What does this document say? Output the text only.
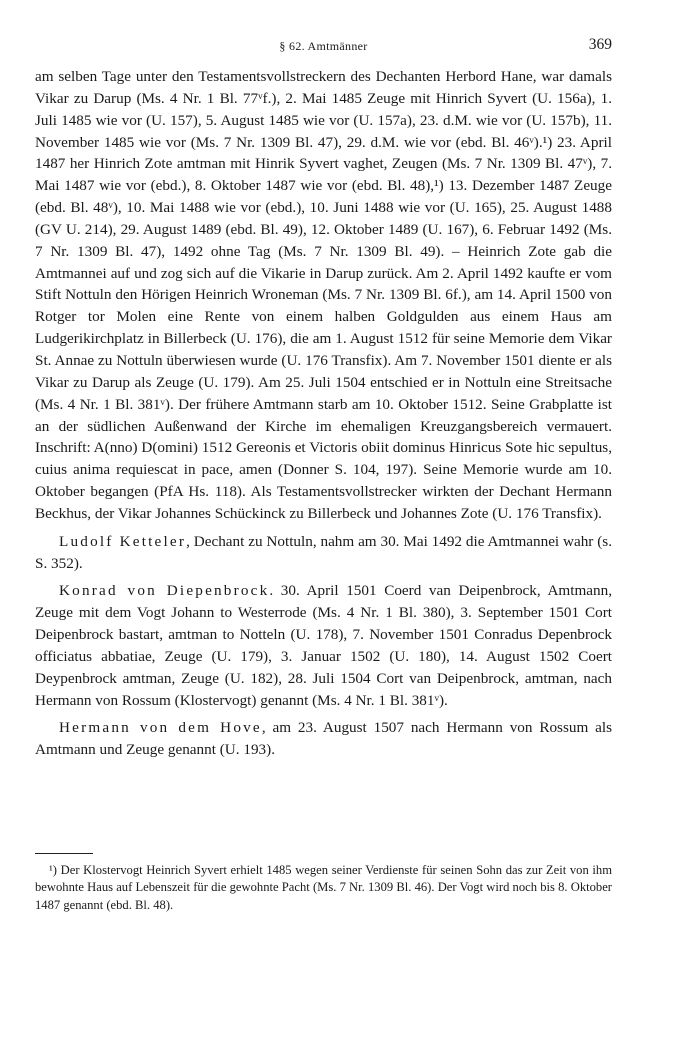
§ 62. Amtmänner	369

am selben Tage unter den Testamentsvollstreckern des Dechanten Herbord Hane, war damals Vikar zu Darup (Ms. 4 Nr. 1 Bl. 77ᵛf.), 2. Mai 1485 Zeuge mit Hinrich Syvert (U. 156a), 1. Juli 1485 wie vor (U. 157), 5. August 1485 wie vor (U. 157a), 23. d.M. wie vor (U. 157b), 11. November 1485 wie vor (Ms. 7 Nr. 1309 Bl. 47), 29. d.M. wie vor (ebd. Bl. 46ᵛ).¹) 23. April 1487 her Hinrich Zote amtman mit Hinrik Syvert vaghet, Zeugen (Ms. 7 Nr. 1309 Bl. 47ᵛ), 7. Mai 1487 wie vor (ebd.), 8. Oktober 1487 wie vor (ebd. Bl. 48),¹) 13. Dezember 1487 Zeuge (ebd. Bl. 48ᵛ), 10. Mai 1488 wie vor (ebd.), 10. Juni 1488 wie vor (U. 165), 25. August 1488 (GV U. 214), 29. August 1489 (ebd. Bl. 49), 12. Oktober 1489 (U. 167), 6. Februar 1492 (Ms. 7 Nr. 1309 Bl. 47), 1492 ohne Tag (Ms. 7 Nr. 1309 Bl. 49). – Heinrich Zote gab die Amtmannei auf und zog sich auf die Vikarie in Darup zurück. Am 2. April 1492 kaufte er vom Stift Nottuln den Hörigen Heinrich Wroneman (Ms. 7 Nr. 1309 Bl. 6f.), am 14. April 1500 von Rotger tor Molen eine Rente von einem halben Goldgulden aus einem Haus am Ludgerikirchplatz in Billerbeck (U. 176), die am 1. August 1512 für seine Memorie dem Vikar St. Annae zu Nottuln überwiesen wurde (U. 176 Transfix). Am 7. November 1501 diente er als Vikar zu Darup als Zeuge (U. 179). Am 25. Juli 1504 entschied er in Nottuln eine Streitsache (Ms. 4 Nr. 1 Bl. 381ᵛ). Der frühere Amtmann starb am 10. Oktober 1512. Seine Grabplatte ist an der südlichen Außenwand der Kirche im ehemaligen Kreuzgangsbereich vermauert. Inschrift: A(nno) D(omini) 1512 Gereonis et Victoris obiit dominus Hinricus Sote hic sepultus, cuius anima requiescat in pace, amen (Donner S. 104, 197). Seine Memorie wurde am 10. Oktober begangen (PfA Hs. 118). Als Testamentsvollstrecker wirkten der Dechant Hermann Beckhus, der Vikar Johannes Schückinck zu Billerbeck und Johannes Zote (U. 176 Transfix).

Ludolf Ketteler, Dechant zu Nottuln, nahm am 30. Mai 1492 die Amtmannei wahr (s. S. 352).

Konrad von Diepenbrock. 30. April 1501 Coerd van Deipenbrock, Amtmann, Zeuge mit dem Vogt Johann to Westerrode (Ms. 4 Nr. 1 Bl. 380), 3. September 1501 Cort Deipenbrock bastart, amtman to Notteln (U. 178), 7. November 1501 Conradus Depenbrock officiatus abbatiae, Zeuge (U. 179), 3. Januar 1502 (U. 180), 14. August 1502 Coert Deypenbrock amtman, Zeuge (U. 182), 28. Juli 1504 Cort van Deipenbrock, amtman, nach Hermann von Rossum (Klostervogt) genannt (Ms. 4 Nr. 1 Bl. 381ᵛ).

Hermann von dem Hove, am 23. August 1507 nach Hermann von Rossum als Amtmann und Zeuge genannt (U. 193).

¹) Der Klostervogt Heinrich Syvert erhielt 1485 wegen seiner Verdienste für seinen Sohn das zur Zeit von ihm bewohnte Haus auf Lebenszeit für die gewohnte Pacht (Ms. 7 Nr. 1309 Bl. 46). Der Vogt wird noch bis 8. Oktober 1487 genannt (ebd. Bl. 48).
